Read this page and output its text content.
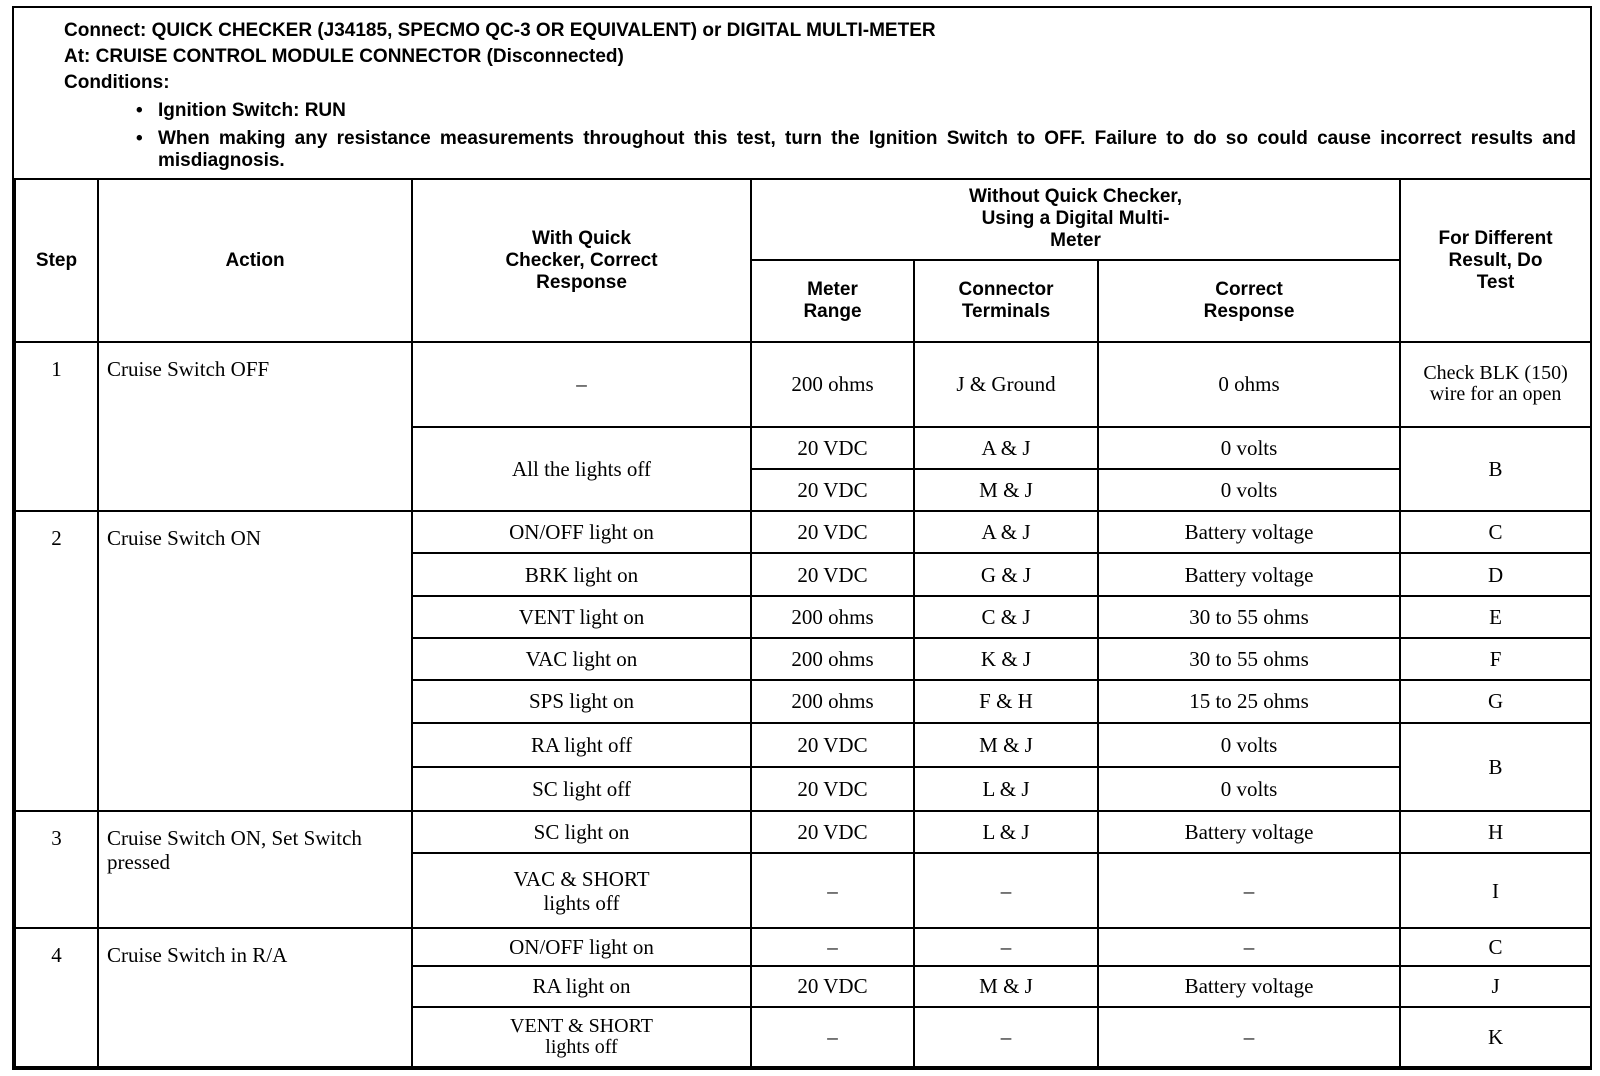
Connect: QUICK CHECKER (J34185, SPECMO QC-3 OR EQUIVALENT) or DIGITAL MULTI-METER
At: CRUISE CONTROL MODULE CONNECTOR (Disconnected)
Conditions:
• Ignition Switch: RUN
• When making any resistance measurements throughout this test, turn the Ignition Switch to OFF. Failure to do so could cause incorrect results and misdiagnosis.
Step	Action	With Quick Checker, Correct Response	Without Quick Checker, Using a Digital Multi-Meter			For Different Result, Do Test
			Meter Range	Connector Terminals	Correct Response	
1	Cruise Switch OFF	–	200 ohms	J & Ground	0 ohms	Check BLK (150) wire for an open
		All the lights off	20 VDC	A & J	0 volts	B
			20 VDC	M & J	0 volts	
2	Cruise Switch ON	ON/OFF light on	20 VDC	A & J	Battery voltage	C
		BRK light on	20 VDC	G & J	Battery voltage	D
		VENT light on	200 ohms	C & J	30 to 55 ohms	E
		VAC light on	200 ohms	K & J	30 to 55 ohms	F
		SPS light on	200 ohms	F & H	15 to 25 ohms	G
		RA light off	20 VDC	M & J	0 volts	B
		SC light off	20 VDC	L & J	0 volts	
3	Cruise Switch ON, Set Switch pressed	SC light on	20 VDC	L & J	Battery voltage	H
		VAC & SHORT lights off	–	–	–	I
4	Cruise Switch in R/A	ON/OFF light on	–	–	–	C
		RA light on	20 VDC	M & J	Battery voltage	J
		VENT & SHORT lights off	–	–	–	K
